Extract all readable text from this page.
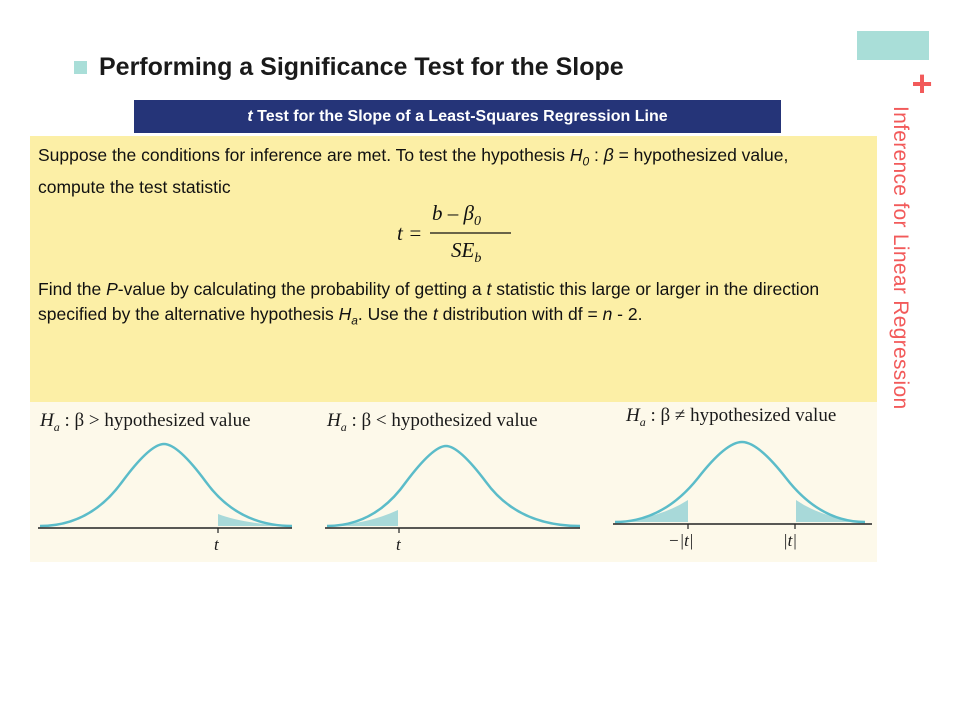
+
Inference for Linear Regression
Performing a Significance Test for the Slope
t Test for the Slope of a Least-Squares Regression Line
Suppose the conditions for inference are met. To test the hypothesis $H_0$ : β = hypothesized value, compute the test statistic
t =
b – $\beta_0$
$SE_b$
Find the P-value by calculating the probability of getting a t statistic this large or larger in the direction specified by the alternative hypothesis $H_a$. Use the t distribution with df = n - 2.
$H_a$ : β > hypothesized value	$H_a$ : β < hypothesized value	$H_a$ : β ≠ hypothesized value
t	t	−|t|	|t|
